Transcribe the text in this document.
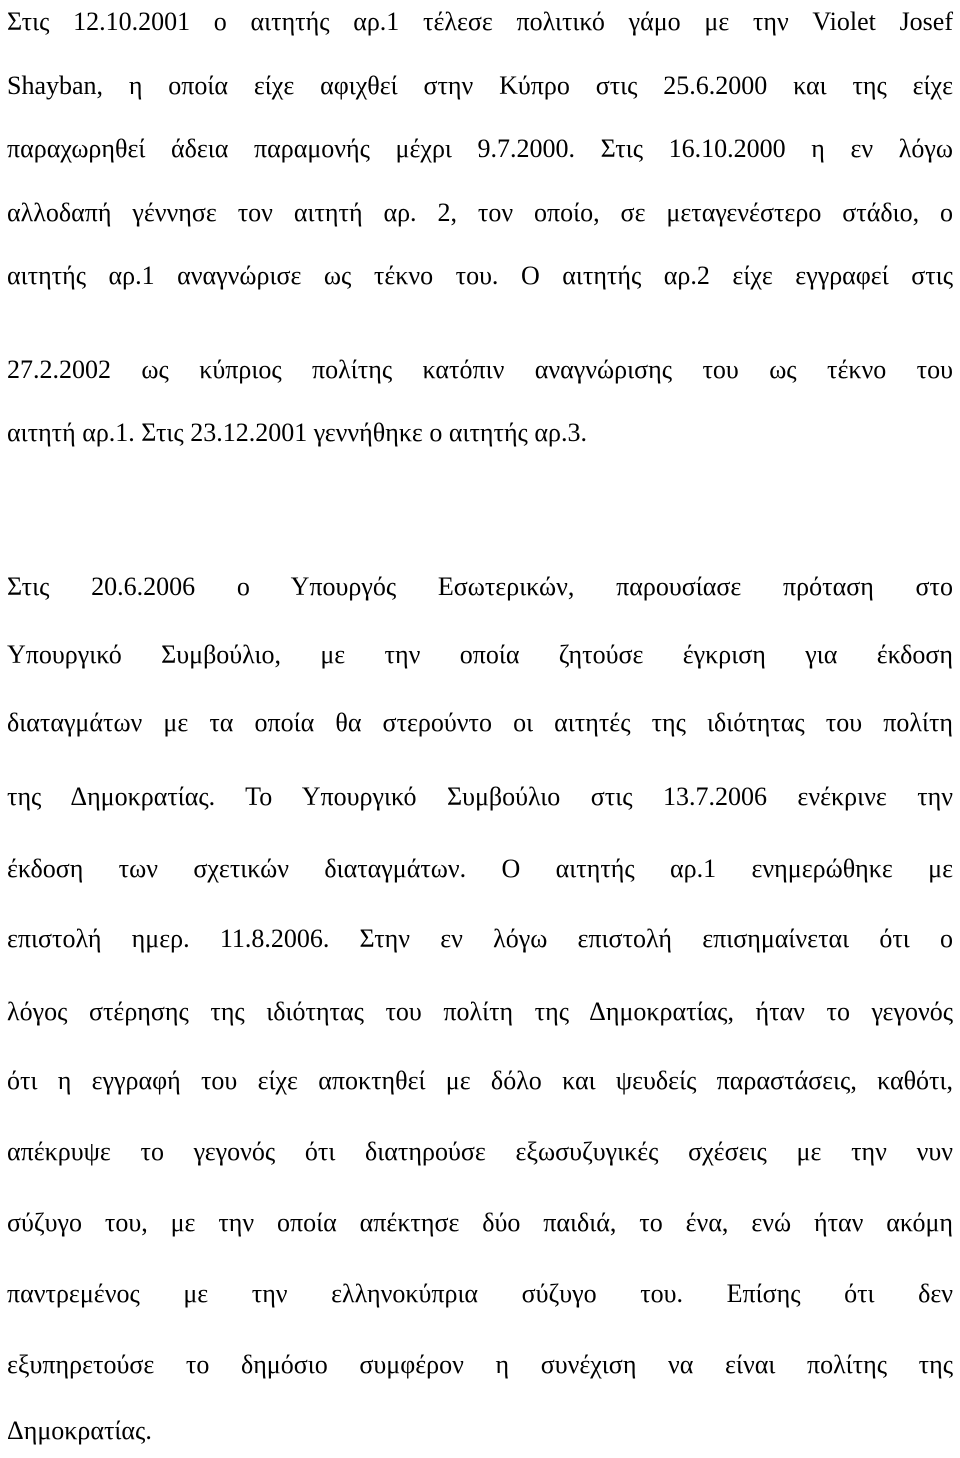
Στις 12.10.2001 ο αιτητής αρ.1 τέλεσε πολιτικό γάμο με την Violet Josef
Shayban, η οποία είχε αφιχθεί στην Κύπρο στις 25.6.2000 και της είχε
παραχωρηθεί άδεια παραμονής μέχρι 9.7.2000. Στις 16.10.2000 η εν λόγω
αλλοδαπή γέννησε τον αιτητή αρ. 2, τον οποίο, σε μεταγενέστερο στάδιο, ο
αιτητής αρ.1 αναγνώρισε ως τέκνο του. Ο αιτητής αρ.2 είχε εγγραφεί στις
27.2.2002 ως κύπριος πολίτης κατόπιν αναγνώρισης του ως τέκνο του
αιτητή αρ.1. Στις 23.12.2001 γεννήθηκε ο αιτητής αρ.3.
Στις 20.6.2006 ο Υπουργός Εσωτερικών, παρουσίασε πρόταση στο
Υπουργικό Συμβούλιο, με την οποία ζητούσε έγκριση για έκδοση
διαταγμάτων με τα οποία θα στερούντο οι αιτητές της ιδιότητας του πολίτη
της Δημοκρατίας. Το Υπουργικό Συμβούλιο στις 13.7.2006 ενέκρινε την
έκδοση των σχετικών διαταγμάτων. Ο αιτητής αρ.1 ενημερώθηκε με
επιστολή ημερ. 11.8.2006. Στην εν λόγω επιστολή επισημαίνεται ότι ο
λόγος στέρησης της ιδιότητας του πολίτη της Δημοκρατίας, ήταν το γεγονός
ότι η εγγραφή του είχε αποκτηθεί με δόλο και ψευδείς παραστάσεις, καθότι,
απέκρυψε το γεγονός ότι διατηρούσε εξωσυζυγικές σχέσεις με την νυν
σύζυγο του, με την οποία απέκτησε δύο παιδιά, το ένα, ενώ ήταν ακόμη
παντρεμένος με την ελληνοκύπρια σύζυγο του. Επίσης ότι δεν
εξυπηρετούσε το δημόσιο συμφέρον η συνέχιση να είναι πολίτης της
Δημοκρατίας.
